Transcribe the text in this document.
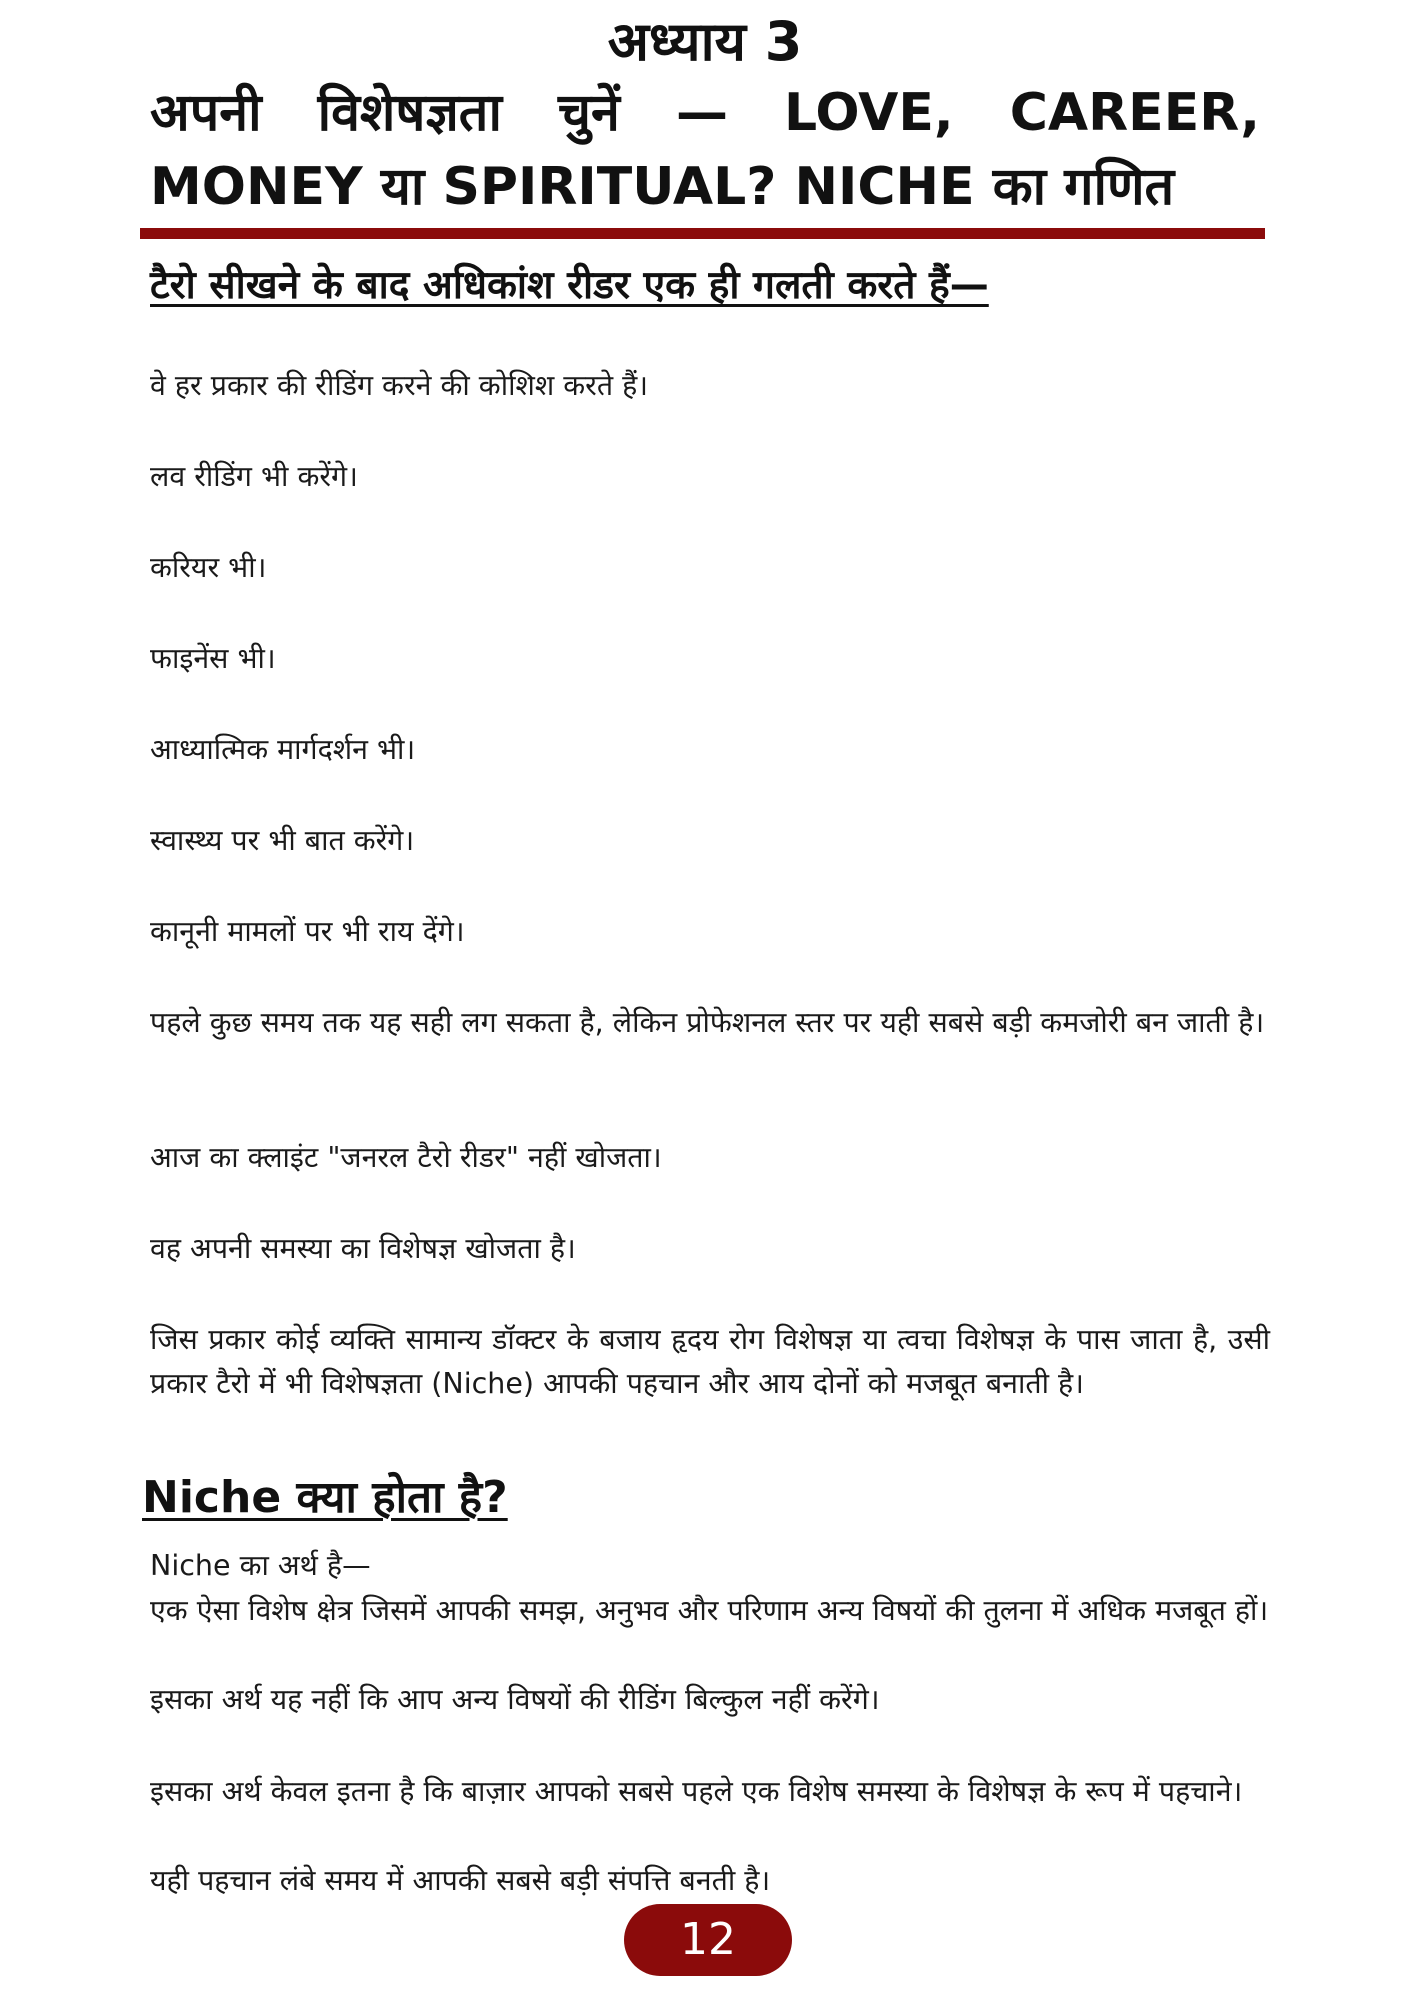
अध्याय 3
अपनी विशेषज्ञता चुनें — LOVE, CAREER,
MONEY या SPIRITUAL? NICHE का गणित
टैरो सीखने के बाद अधिकांश रीडर एक ही गलती करते हैं—
वे हर प्रकार की रीडिंग करने की कोशिश करते हैं।
लव रीडिंग भी करेंगे।
करियर भी।
फाइनेंस भी।
आध्यात्मिक मार्गदर्शन भी।
स्वास्थ्य पर भी बात करेंगे।
कानूनी मामलों पर भी राय देंगे।
पहले कुछ समय तक यह सही लग सकता है, लेकिन प्रोफेशनल स्तर पर यही सबसे बड़ी कमजोरी बन जाती है।
आज का क्लाइंट "जनरल टैरो रीडर" नहीं खोजता।
वह अपनी समस्या का विशेषज्ञ खोजता है।
जिस प्रकार कोई व्यक्ति सामान्य डॉक्टर के बजाय हृदय रोग विशेषज्ञ या त्वचा विशेषज्ञ के पास जाता है, उसी प्रकार टैरो में भी विशेषज्ञता (Niche) आपकी पहचान और आय दोनों को मजबूत बनाती है।
Niche क्या होता है?
Niche का अर्थ है—
एक ऐसा विशेष क्षेत्र जिसमें आपकी समझ, अनुभव और परिणाम अन्य विषयों की तुलना में अधिक मजबूत हों।
इसका अर्थ यह नहीं कि आप अन्य विषयों की रीडिंग बिल्कुल नहीं करेंगे।
इसका अर्थ केवल इतना है कि बाज़ार आपको सबसे पहले एक विशेष समस्या के विशेषज्ञ के रूप में पहचाने।
यही पहचान लंबे समय में आपकी सबसे बड़ी संपत्ति बनती है।
12
